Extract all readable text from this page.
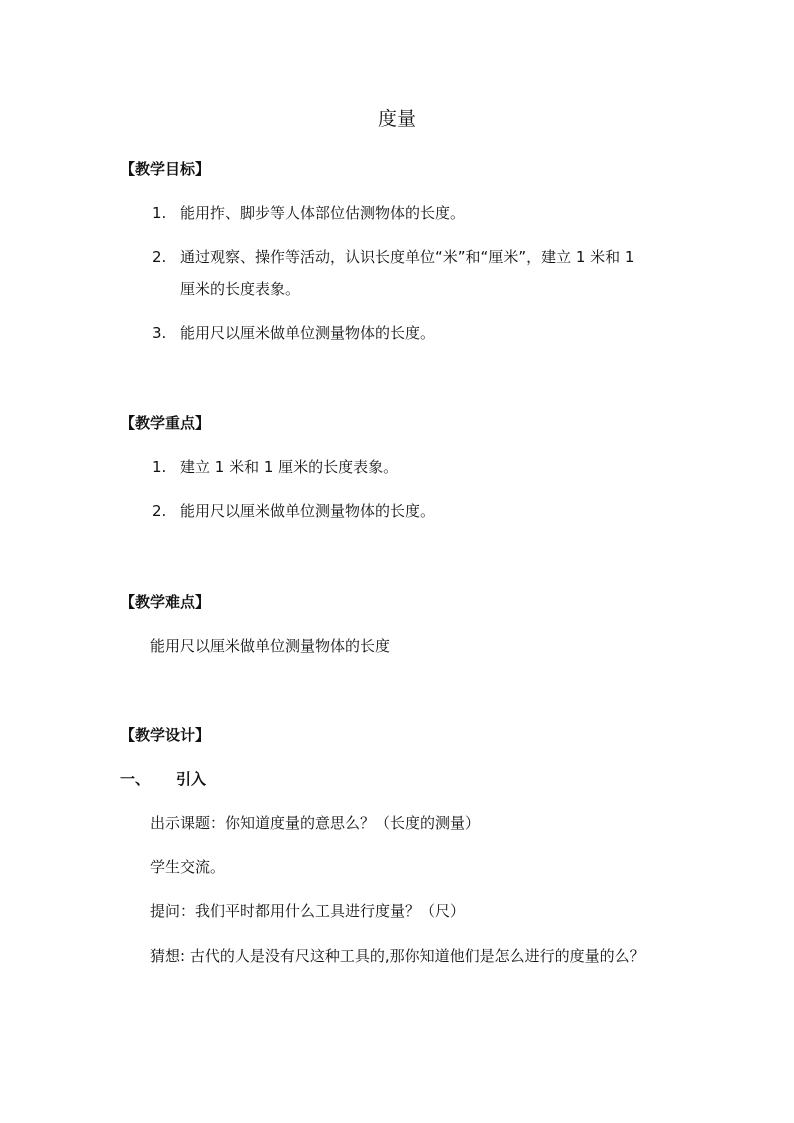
度量
【教学目标】
1. 能用拃、脚步等人体部位估测物体的长度。
2. 通过观察、操作等活动，认识长度单位“米”和“厘米”，建立 1 米和 1
厘米的长度表象。
3. 能用尺以厘米做单位测量物体的长度。
【教学重点】
1. 建立 1 米和 1 厘米的长度表象。
2. 能用尺以厘米做单位测量物体的长度。
【教学难点】
能用尺以厘米做单位测量物体的长度
【教学设计】
一、 引入
出示课题：你知道度量的意思么？（长度的测量）
学生交流。
提问：我们平时都用什么工具进行度量？（尺）
猜想: 古代的人是没有尺这种工具的,那你知道他们是怎么进行的度量的么？
